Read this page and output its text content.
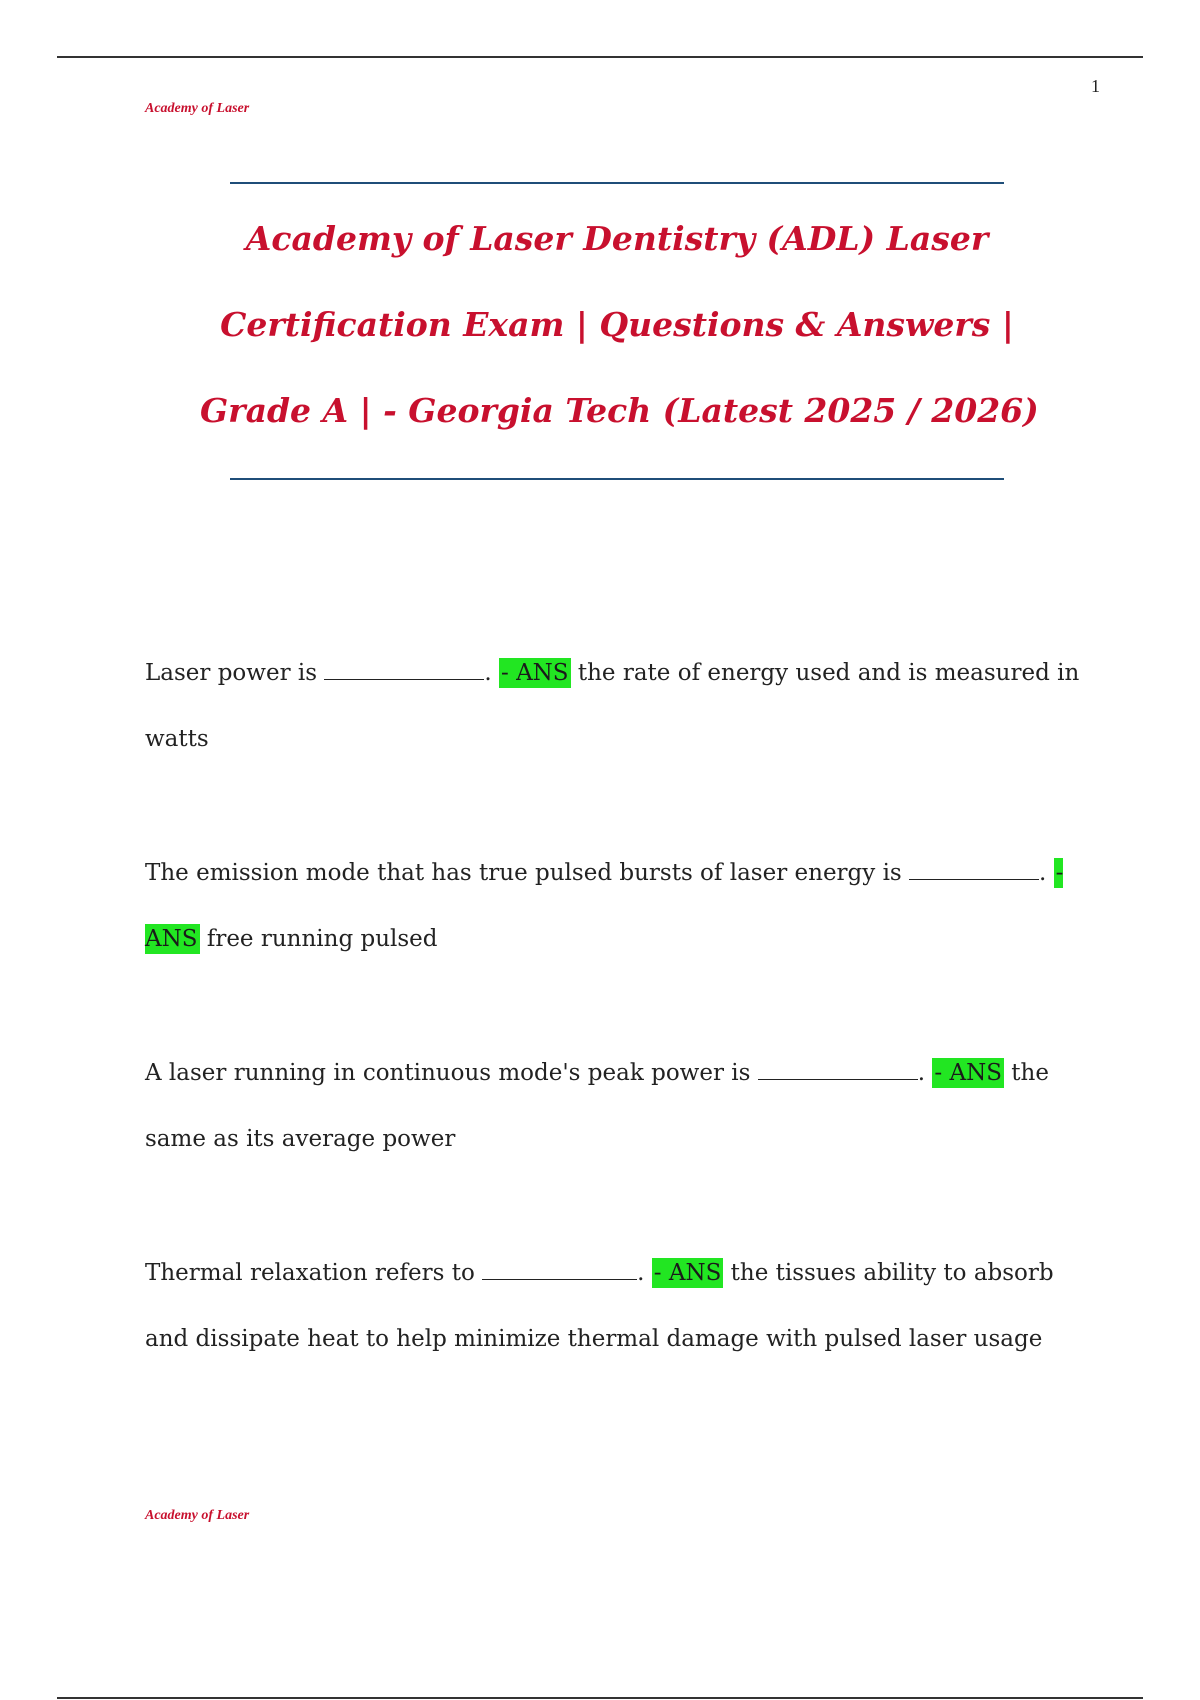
1
Academy of Laser
Academy of Laser Dentistry (ADL) Laser
Certification Exam | Questions & Answers |
Grade A | - Georgia Tech (Latest 2025 / 2026)
Laser power is	. - ANS the rate of energy used and is measured in watts
The emission mode that has true pulsed bursts of laser energy is	. - ANS free running pulsed
A laser running in continuous mode's peak power is	. - ANS the same as its average power
Thermal relaxation refers to	. - ANS the tissues ability to absorb and dissipate heat to help minimize thermal damage with pulsed laser usage
Academy of Laser
